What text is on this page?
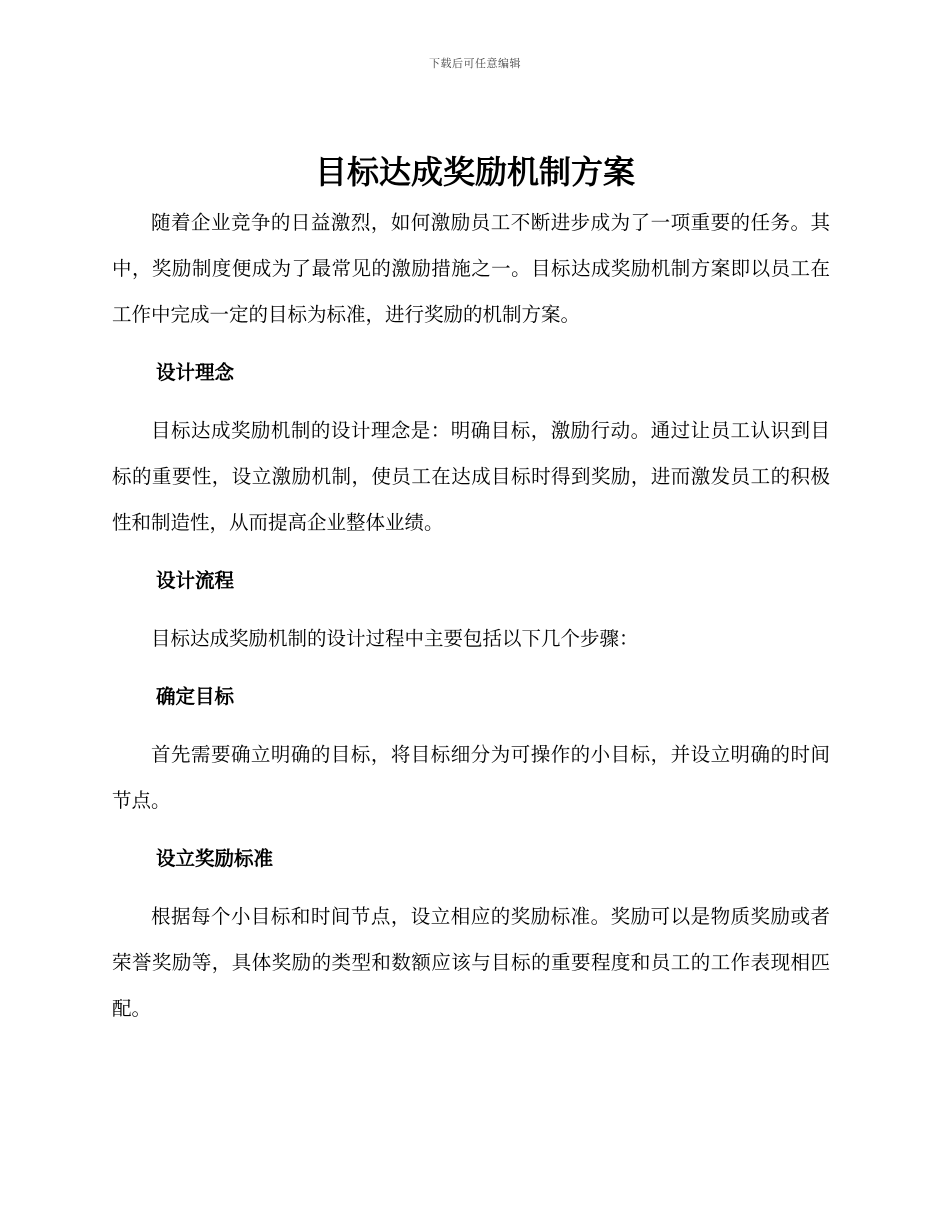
下载后可任意编辑
目标达成奖励机制方案

随着企业竞争的日益激烈，如何激励员工不断进步成为了一项重要的任务。其中，奖励制度便成为了最常见的激励措施之一。目标达成奖励机制方案即以员工在工作中完成一定的目标为标准，进行奖励的机制方案。

设计理念

目标达成奖励机制的设计理念是：明确目标，激励行动。通过让员工认识到目标的重要性，设立激励机制，使员工在达成目标时得到奖励，进而激发员工的积极性和制造性，从而提高企业整体业绩。

设计流程

目标达成奖励机制的设计过程中主要包括以下几个步骤：

确定目标

首先需要确立明确的目标，将目标细分为可操作的小目标，并设立明确的时间节点。

设立奖励标准

根据每个小目标和时间节点，设立相应的奖励标准。奖励可以是物质奖励或者荣誉奖励等，具体奖励的类型和数额应该与目标的重要程度和员工的工作表现相匹配。
